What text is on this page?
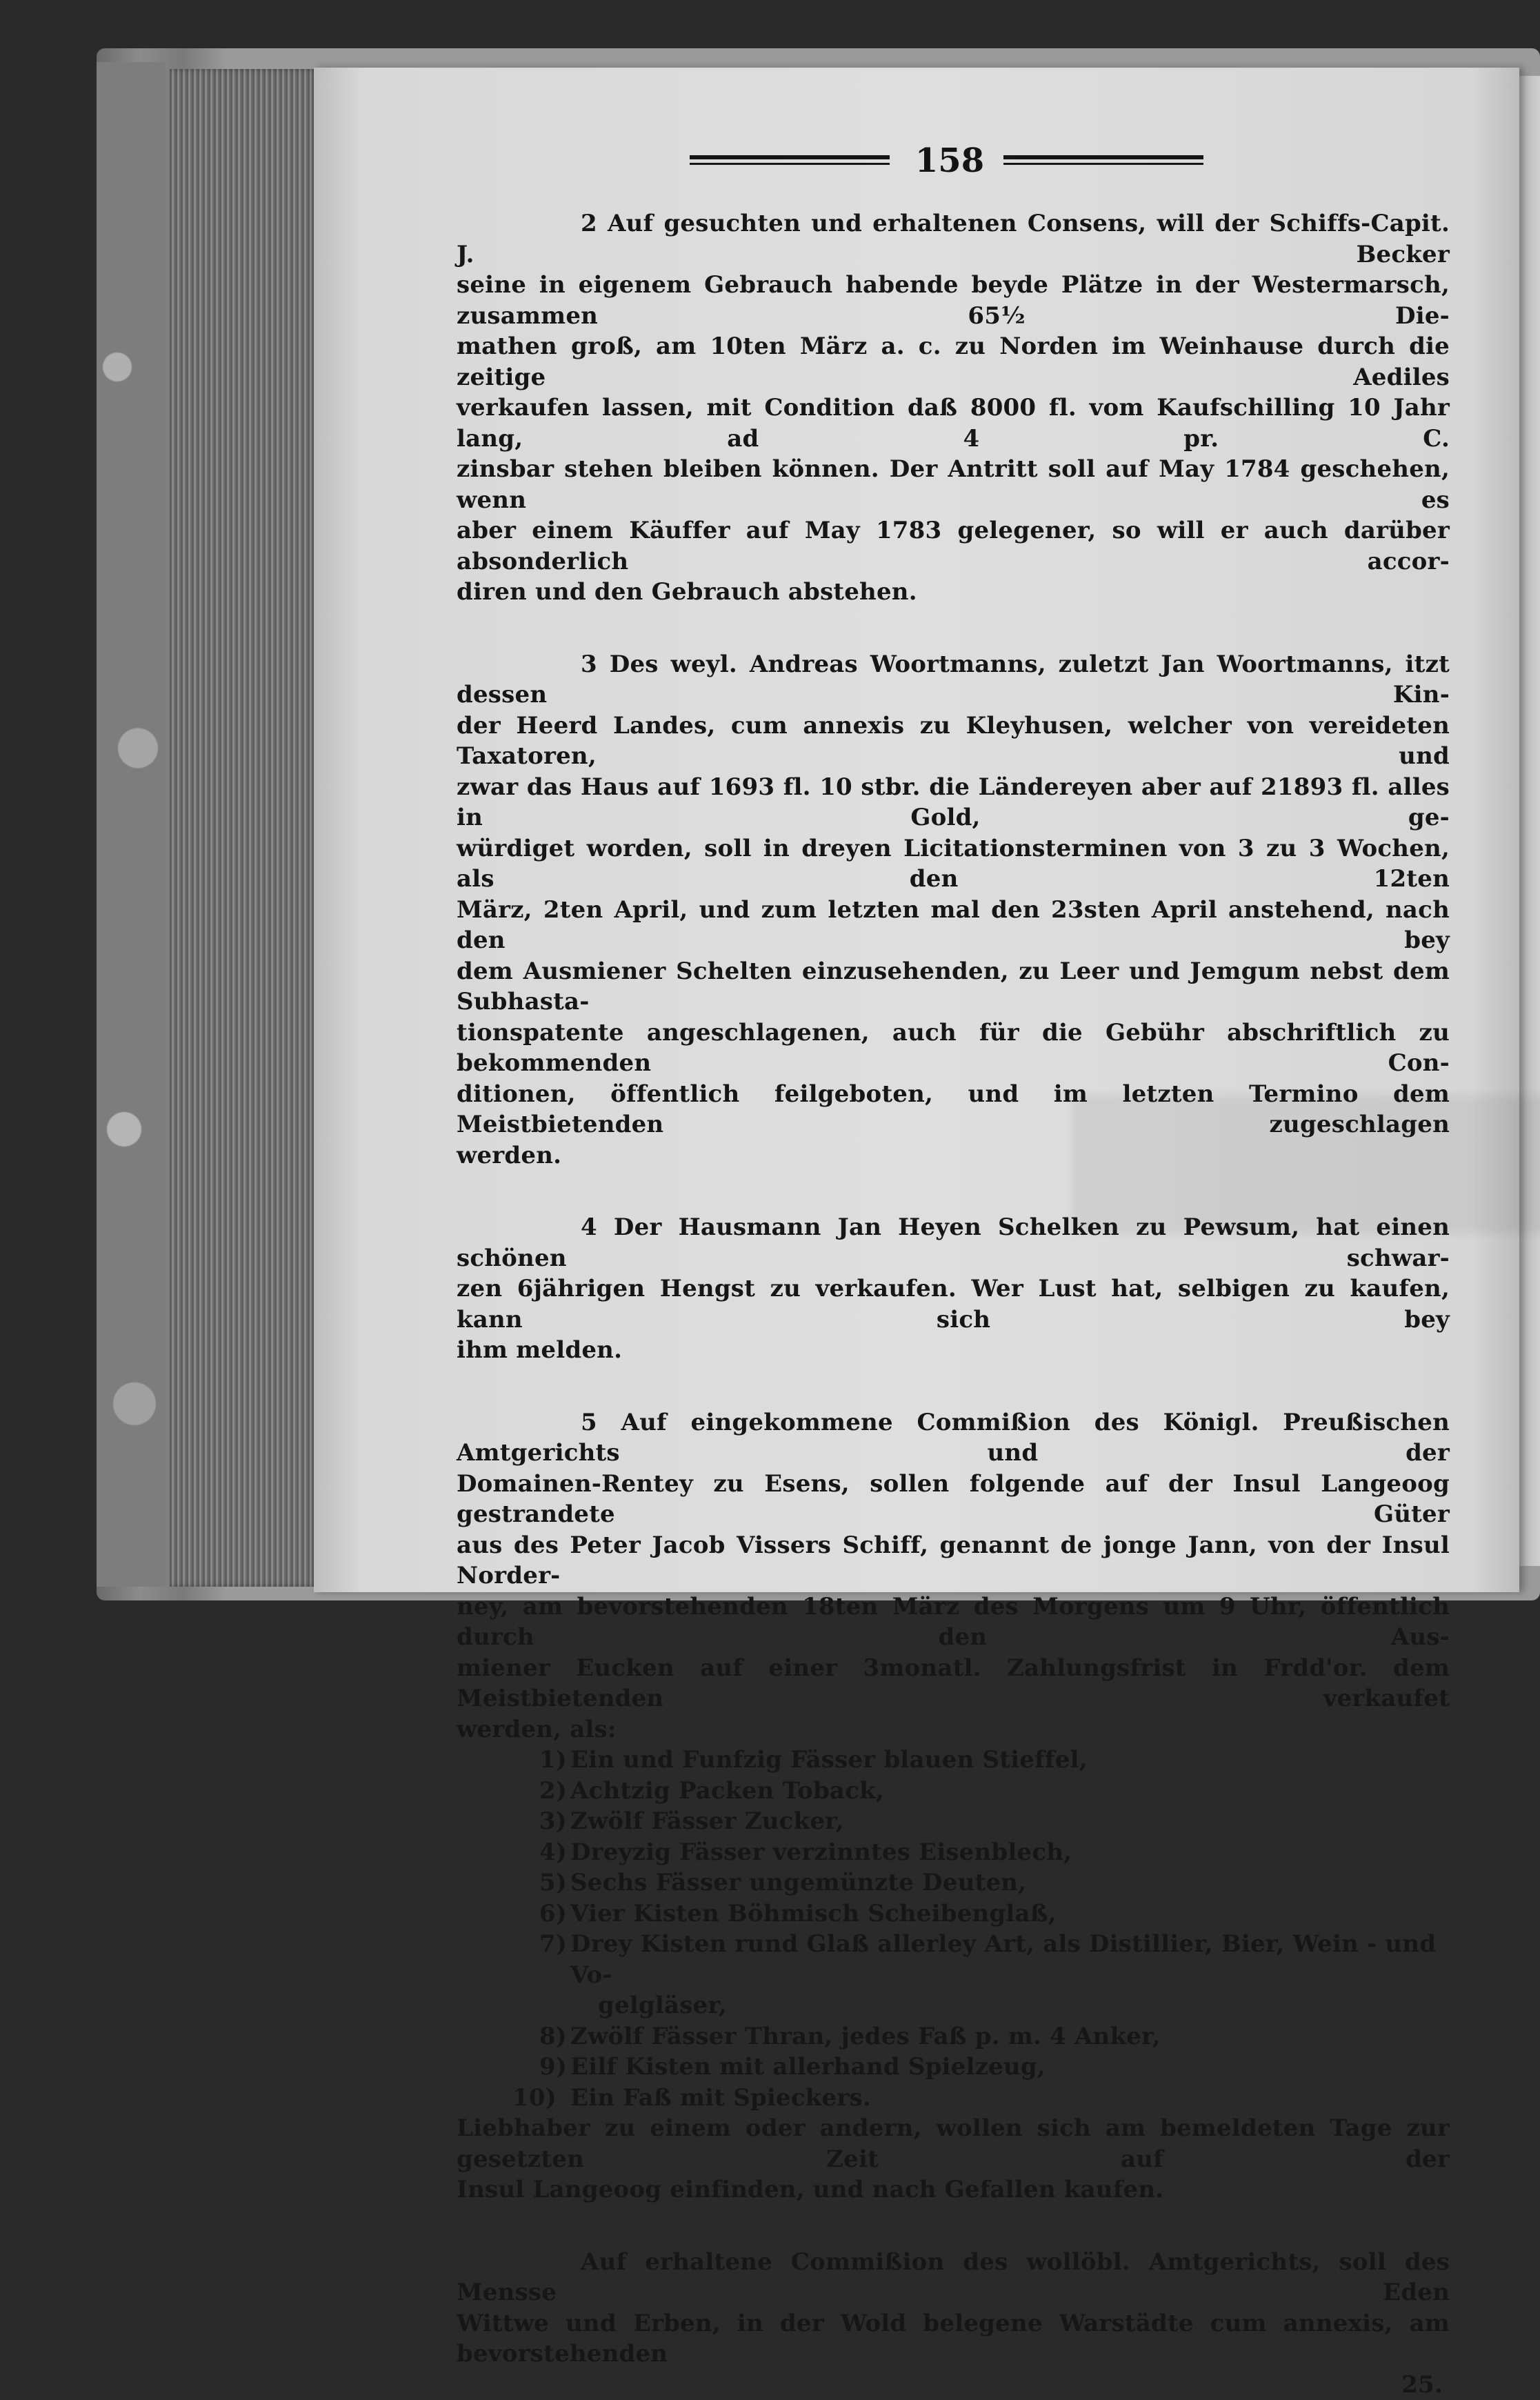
158
2 Auf gesuchten und erhaltenen Consens, will der Schiffs-Capit. J. Becker
seine in eigenem Gebrauch habende beyde Plätze in der Westermarsch, zusammen 65½ Die-
mathen groß, am 10ten März a. c. zu Norden im Weinhause durch die zeitige Aediles
verkaufen lassen, mit Condition daß 8000 fl. vom Kaufschilling 10 Jahr lang, ad 4 pr. C.
zinsbar stehen bleiben können. Der Antritt soll auf May 1784 geschehen, wenn es
aber einem Käuffer auf May 1783 gelegener, so will er auch darüber absonderlich accor-
diren und den Gebrauch abstehen.
3 Des weyl. Andreas Woortmanns, zuletzt Jan Woortmanns, itzt dessen Kin-
der Heerd Landes, cum annexis zu Kleyhusen, welcher von vereideten Taxatoren, und
zwar das Haus auf 1693 fl. 10 stbr. die Ländereyen aber auf 21893 fl. alles in Gold, ge-
würdiget worden, soll in dreyen Licitationsterminen von 3 zu 3 Wochen, als den 12ten
März, 2ten April, und zum letzten mal den 23sten April anstehend, nach den bey
dem Ausmiener Schelten einzusehenden, zu Leer und Jemgum nebst dem Subhasta-
tionspatente angeschlagenen, auch für die Gebühr abschriftlich zu bekommenden Con-
ditionen, öffentlich feilgeboten, und im letzten Termino dem Meistbietenden zugeschlagen
werden.
4 Der Hausmann Jan Heyen Schelken zu Pewsum, hat einen schönen schwar-
zen 6jährigen Hengst zu verkaufen. Wer Lust hat, selbigen zu kaufen, kann sich bey
ihm melden.
5 Auf eingekommene Commißion des Königl. Preußischen Amtgerichts und der
Domainen-Rentey zu Esens, sollen folgende auf der Insul Langeoog gestrandete Güter
aus des Peter Jacob Vissers Schiff, genannt de jonge Jann, von der Insul Norder-
ney, am bevorstehenden 18ten März des Morgens um 9 Uhr, öffentlich durch den Aus-
miener Eucken auf einer 3monatl. Zahlungsfrist in Frdd'or. dem Meistbietenden verkaufet
werden, als:
1) Ein und Funfzig Fässer blauen Stieffel,
2) Achtzig Packen Toback,
3) Zwölf Fässer Zucker,
4) Dreyzig Fässer verzinntes Eisenblech,
5) Sechs Fässer ungemünzte Deuten,
6) Vier Kisten Böhmisch Scheibenglaß,
7) Drey Kisten rund Glaß allerley Art, als Distillier, Bier, Wein - und Vo-
gelgläser,
8) Zwölf Fässer Thran, jedes Faß p. m. 4 Anker,
9) Eilf Kisten mit allerhand Spielzeug,
10) Ein Faß mit Spieckers.
Liebhaber zu einem oder andern, wollen sich am bemeldeten Tage zur gesetzten Zeit auf der
Insul Langeoog einfinden, und nach Gefallen kaufen.
Auf erhaltene Commißion des wollöbl. Amtgerichts, soll des Mensse Eden
Wittwe und Erben, in der Wold belegene Warstädte cum annexis, am bevorstehenden
25.
